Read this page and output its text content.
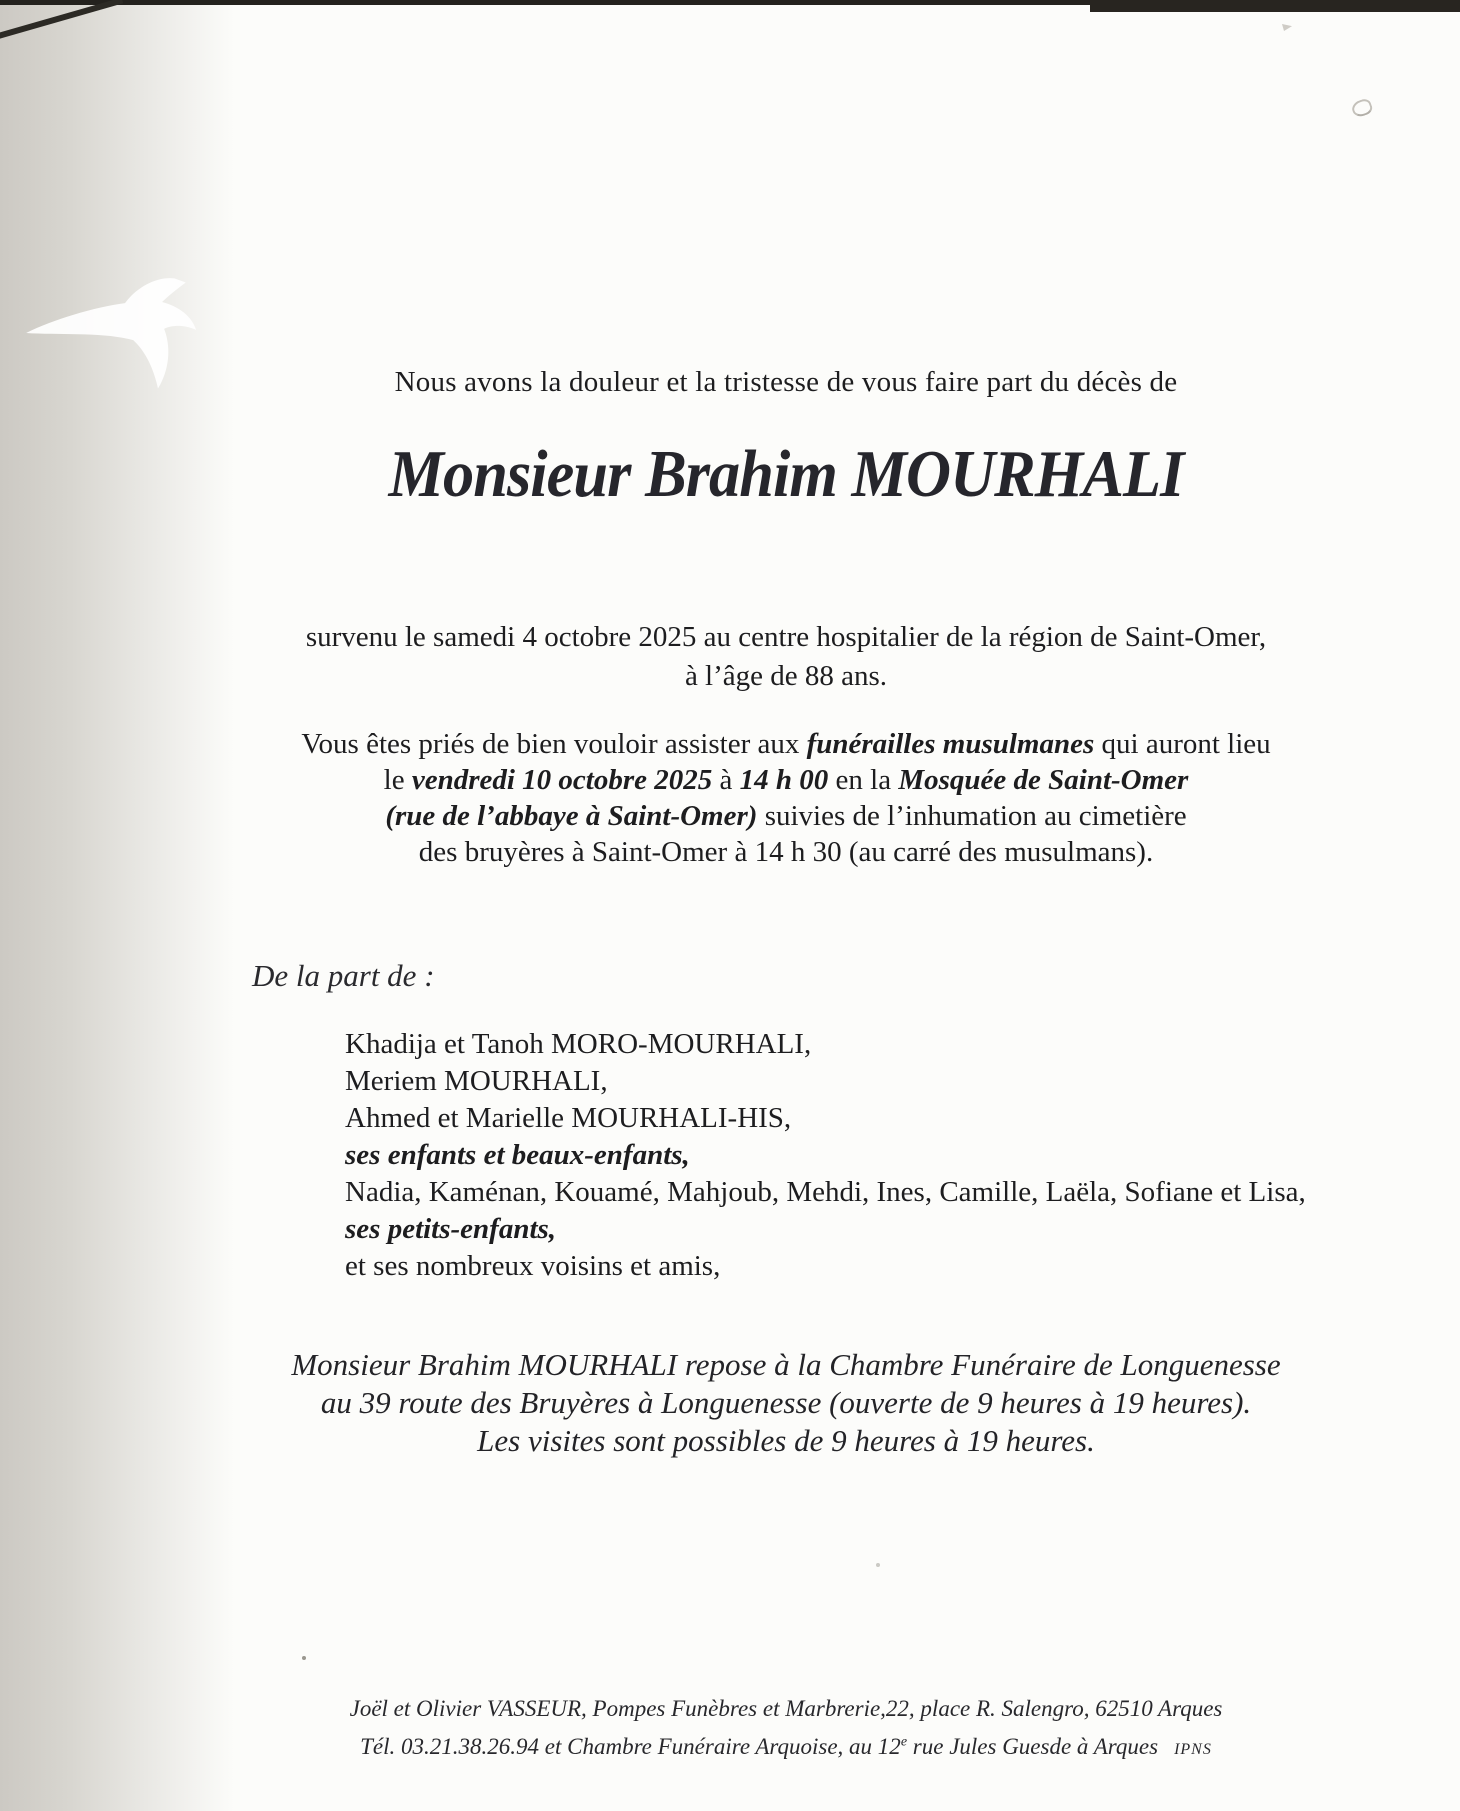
Nous avons la douleur et la tristesse de vous faire part du décès de
Monsieur Brahim MOURHALI
survenu le samedi 4 octobre 2025 au centre hospitalier de la région de Saint-Omer,
à l’âge de 88 ans.
Vous êtes priés de bien vouloir assister aux funérailles musulmanes qui auront lieu
le vendredi 10 octobre 2025 à 14 h 00 en la Mosquée de Saint-Omer
(rue de l’abbaye à Saint-Omer) suivies de l’inhumation au cimetière
des bruyères à Saint-Omer à 14 h 30 (au carré des musulmans).
De la part de :
Khadija et Tanoh MORO-MOURHALI,
Meriem MOURHALI,
Ahmed et Marielle MOURHALI-HIS,
ses enfants et beaux-enfants,
Nadia, Kaménan, Kouamé, Mahjoub, Mehdi, Ines, Camille, Laëla, Sofiane et Lisa,
ses petits-enfants,
et ses nombreux voisins et amis,
Monsieur Brahim MOURHALI repose à la Chambre Funéraire de Longuenesse
au 39 route des Bruyères à Longuenesse (ouverte de 9 heures à 19 heures).
Les visites sont possibles de 9 heures à 19 heures.
Joël et Olivier VASSEUR, Pompes Funèbres et Marbrerie,22, place R. Salengro, 62510 Arques
Tél. 03.21.38.26.94 et Chambre Funéraire Arquoise, au 12e rue Jules Guesde à Arques IPNS
